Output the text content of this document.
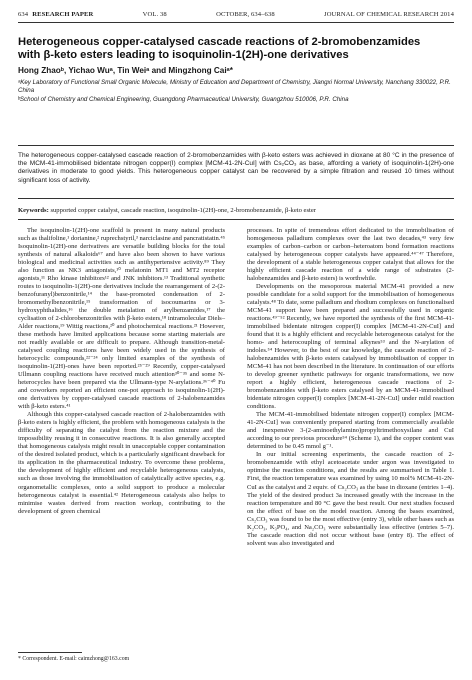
634 RESEARCH PAPER	VOL. 38	OCTOBER, 634–638	JOURNAL OF CHEMICAL RESEARCH 2014
Heterogeneous copper-catalysed cascade reactions of 2-bromobenzamides
with β-keto esters leading to isoquinolin-1(2H)-one derivatives
Hong Zhaoᵇ, Yichao Wuᵃ, Tin Weiᵃ and Mingzhong Caiᵃ*
ᵃKey Laboratory of Functional Small Organic Molecule, Ministry of Education and Department of Chemistry, Jiangxi Normal University, Nanchang 330022, P.R. China
ᵇSchool of Chemistry and Chemical Engineering, Guangdong Pharmaceutical University, Guangzhou 510006, P.R. China
The heterogeneous copper-catalysed cascade reaction of 2-bromobenzamides with β-keto esters was achieved in dioxane at 80 °C in the presence of the MCM-41-immobilised bidentate nitrogen copper(I) complex [MCM-41-2N-CuI] with Cs₂CO₃ as base, affording a variety of isoquinolin-1(2H)-one derivatives in moderate to good yields. This heterogeneous copper catalyst can be recovered by a simple filtration and reused 10 times without significant loss of activity.
Keywords: supported copper catalyst, cascade reaction, isoquinolin-1(2H)-one, 2-bromobenzamide, β-keto ester

The isoquinolin-1(2H)-one scaffold is present in many natural products such as thalifoline,¹ dorianine,² ruprechstyril,³ narciclasine and pancratistatin.⁴⁵ Isoquinolin-1(2H)-one derivatives are versatile building blocks for the total synthesis of natural alkaloids⁶⁷ and have also been shown to have various biological and medicinal activities such as antihypertensive activity.⁸⁹ They also function as NK3 antagonists,¹⁰ melatonin MT1 and MT2 receptor agonists,¹¹ Rho kinase inhibitors¹² and JNK inhibitors.¹³ Traditional synthetic routes to isoquinolin-1(2H)-one derivatives include the rearrangement of 2-(2-benzofuranyl)benzonitrile,¹⁴ the base-promoted condensation of 2-bromomethylbenzonitrile,¹⁵ transformation of isocoumarins or 3-hydroxyphthalides,¹⁶ the double metalation of arylbenzamides,¹⁷ the cyclisation of 2-chlorobenzonitriles with β-keto esters,¹⁸ intramolecular Diels–Alder reactions,¹⁹ Wittig reactions,²⁰ and photochemical reactions.²¹ However, these methods have limited applications because some starting materials are not readily available or are difficult to prepare. Although transition-metal-catalysed coupling reactions have been widely used in the synthesis of heterocyclic compounds,²²⁻²⁴ only limited examples of the synthesis of isoquinolin-1(2H)-ones have been reported.²⁵⁻²⁹ Recently, copper-catalysed Ullmann coupling reactions have received much attention³⁰⁻³⁵ and some N-heterocycles have been prepared via the Ullmann-type N-arylations.³⁶⁻⁴⁰ Fu and coworkers reported an efficient one-pot approach to isoquinolin-1(2H)-one derivatives by copper-catalysed cascade reactions of 2-halobenzamides with β-keto esters.⁴¹

Although this copper-catalysed cascade reaction of 2-halobenzamides with β-keto esters is highly efficient, the problem with homogeneous catalysis is the difficulty of separating the catalyst from the reaction mixture and the impossibility reusing it in consecutive reactions. It is also generally accepted that homogeneous catalysis might result in unacceptable copper contamination of the desired isolated product, which is a particularly significant drawback for its application in the pharmaceutical industry. To overcome these problems, the development of highly efficient and recyclable heterogeneous catalysts, such as those involving the immobilisation of catalytically active species, e.g. organometallic complexes, onto a solid support to produce a molecular heterogeneous catalyst is essential.⁴² Heterogeneous catalysis also helps to minimise wastes derived from reaction workup, contributing to the development of green chemical

processes. In spite of tremendous effort dedicated to the immobilisation of homogeneous palladium complexes over the last two decades,⁴³ very few examples of carbon–carbon or carbon–heteroatom bond formation reactions catalysed by heterogeneous copper catalysts have appeared.⁴⁴⁻⁴⁷ Therefore, the development of a stable heterogeneous copper catalyst that allows for the highly efficient cascade reaction of a wide range of substrates (2-halobenzamides and β-keto esters) is worthwhile.

Developments on the mesoporous material MCM-41 provided a new possible candidate for a solid support for the immobilisation of homogeneous catalysts.⁴⁸ To date, some palladium and rhodium complexes on functionalised MCM-41 support have been prepared and successfully used in organic reactions.⁴⁹⁻⁵² Recently, we have reported the synthesis of the first MCM-41-immobilised bidentate nitrogen copper(I) complex [MCM-41-2N-CuI] and found that it is a highly efficient and recyclable heterogeneous catalyst for the homo- and heterocoupling of terminal alkynes⁵³ and the N-arylation of indoles.⁵⁴ However, to the best of our knowledge, the cascade reaction of 2-halobenzamides with β-keto esters catalysed by immobilisation of copper in MCM-41 has not been described in the literature. In continuation of our efforts to develop greener synthetic pathways for organic transformations, we now report a highly efficient, heterogeneous cascade reactions of 2-bromobenzamides with β-keto esters catalysed by an MCM-41-immobilised bidentate nitrogen copper(I) complex [MCM-41-2N-CuI] under mild reaction conditions.

The MCM-41-immobilised bidentate nitrogen copper(I) complex [MCM-41-2N-CuI] was conveniently prepared starting from commercially available and inexpensive 3-(2-aminoethylamino)propyltrimethoxysilane and CuI according to our previous procedure⁵⁴ (Scheme 1), and the copper content was determined to be 0.45 mmol g⁻¹.

In our initial screening experiments, the cascade reaction of 2-bromobenzamide with ethyl acetoacetate under argon was investigated to optimise the reaction conditions, and the results are summarised in Table 1. First, the reaction temperature was examined by using 10 mol% MCM-41-2N-CuI as the catalyst and 2 equiv. of Cs₂CO₃ as the base in dioxane (entries 1–4). The yield of the desired product 3a increased greatly with the increase in the reaction temperature and 80 °C gave the best result. Our next studies focused on the effect of base on the model reaction. Among the bases examined, Cs₂CO₃ was found to be the most effective (entry 3), while other bases such as K₂CO₃, K₃PO₄, and Na₂CO₃ were substantially less effective (entries 5–7). The cascade reaction did not occur without base (entry 8). The effect of solvent was also investigated and

* Correspondent. E-mail: caimzhong@163.com
